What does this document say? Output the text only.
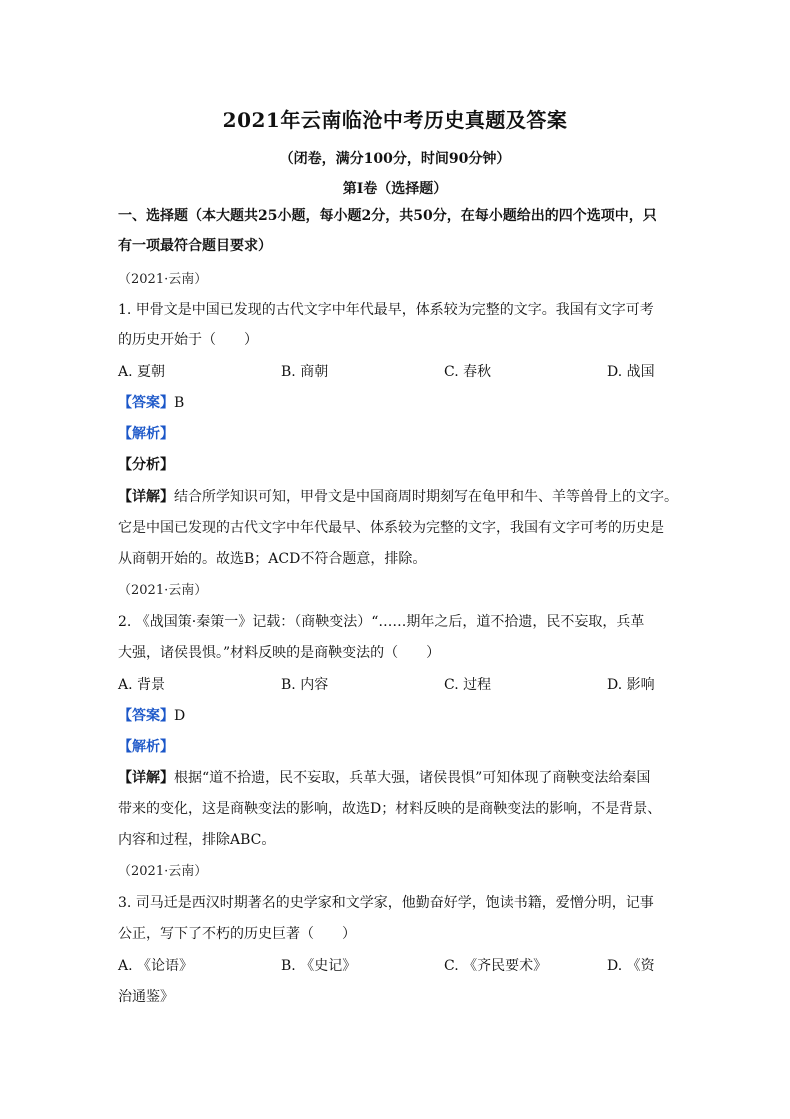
2021年云南临沧中考历史真题及答案
（闭卷，满分100分，时间90分钟）
第Ⅰ卷（选择题）
一、选择题（本大题共25小题，每小题2分，共50分，在每小题给出的四个选项中，只
有一项最符合题目要求）
（2021·云南）
1. 甲骨文是中国已发现的古代文字中年代最早，体系较为完整的文字。我国有文字可考
的历史开始于（　　）
A. 夏朝	B. 商朝	C. 春秋	D. 战国
【答案】B
【解析】
【分析】
【详解】结合所学知识可知，甲骨文是中国商周时期刻写在龟甲和牛、羊等兽骨上的文字。
它是中国已发现的古代文字中年代最早、体系较为完整的文字，我国有文字可考的历史是
从商朝开始的。故选B；ACD不符合题意，排除。
（2021·云南）
2. 《战国策·秦策一》记载：（商鞅变法）“……期年之后，道不拾遗，民不妄取，兵革
大强，诸侯畏惧。”材料反映的是商鞅变法的（　　）
A. 背景	B. 内容	C. 过程	D. 影响
【答案】D
【解析】
【详解】根据“道不拾遗，民不妄取，兵革大强，诸侯畏惧”可知体现了商鞅变法给秦国
带来的变化，这是商鞅变法的影响，故选D；材料反映的是商鞅变法的影响，不是背景、
内容和过程，排除ABC。
（2021·云南）
3. 司马迁是西汉时期著名的史学家和文学家，他勤奋好学，饱读书籍，爱憎分明，记事
公正，写下了不朽的历史巨著（　　）
A. 《论语》	B. 《史记》	C. 《齐民要术》	D. 《资
治通鉴》
